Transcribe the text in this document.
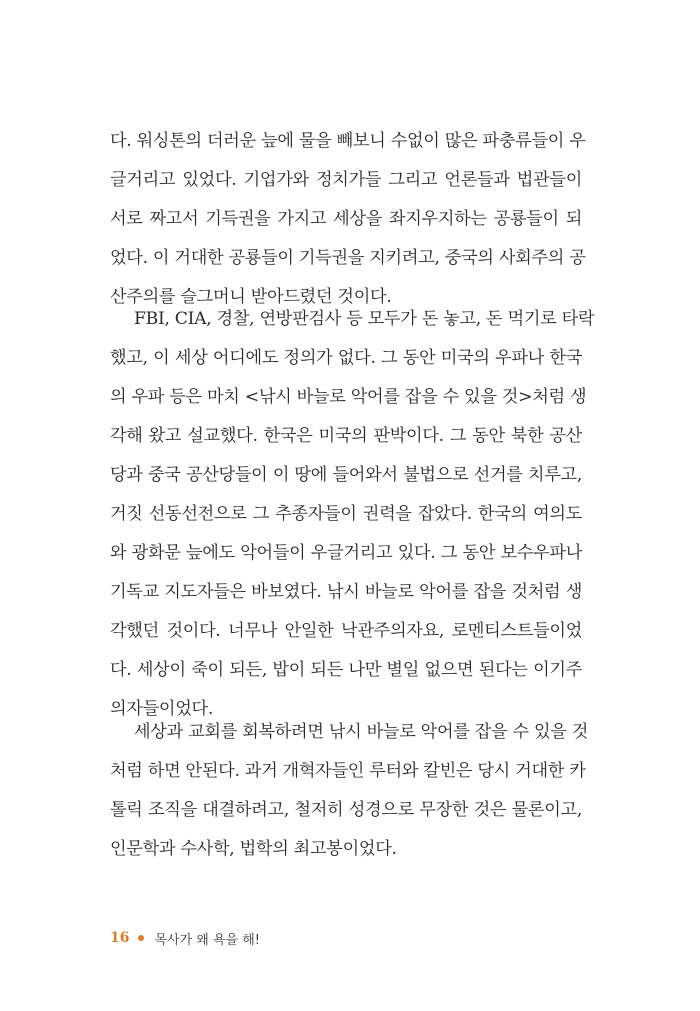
다. 워싱톤의 더러운 늪에 물을 빼보니 수없이 많은 파충류들이 우
글거리고 있었다. 기업가와 정치가들 그리고 언론들과 법관들이
서로 짜고서 기득권을 가지고 세상을 좌지우지하는 공룡들이 되
었다. 이 거대한 공룡들이 기득권을 지키려고, 중국의 사회주의 공
산주의를 슬그머니 받아드렸던 것이다.
FBI, CIA, 경찰, 연방판검사 등 모두가 돈 놓고, 돈 먹기로 타락
했고, 이 세상 어디에도 정의가 없다. 그 동안 미국의 우파나 한국
의 우파 등은 마치 <낚시 바늘로 악어를 잡을 수 있을 것>처럼 생
각해 왔고 설교했다. 한국은 미국의 판박이다. 그 동안 북한 공산
당과 중국 공산당들이 이 땅에 들어와서 불법으로 선거를 치루고,
거짓 선동선전으로 그 추종자들이 권력을 잡았다. 한국의 여의도
와 광화문 늪에도 악어들이 우글거리고 있다. 그 동안 보수우파나
기독교 지도자들은 바보였다. 낚시 바늘로 악어를 잡을 것처럼 생
각했던 것이다. 너무나 안일한 낙관주의자요, 로멘티스트들이었
다. 세상이 죽이 되든, 밥이 되든 나만 별일 없으면 된다는 이기주
의자들이었다.
세상과 교회를 회복하려면 낚시 바늘로 악어를 잡을 수 있을 것
처럼 하면 안된다. 과거 개혁자들인 루터와 칼빈은 당시 거대한 카
톨릭 조직을 대결하려고, 철저히 성경으로 무장한 것은 물론이고,
인문학과 수사학, 법학의 최고봉이었다.
16 목사가 왜 욕을 해!
